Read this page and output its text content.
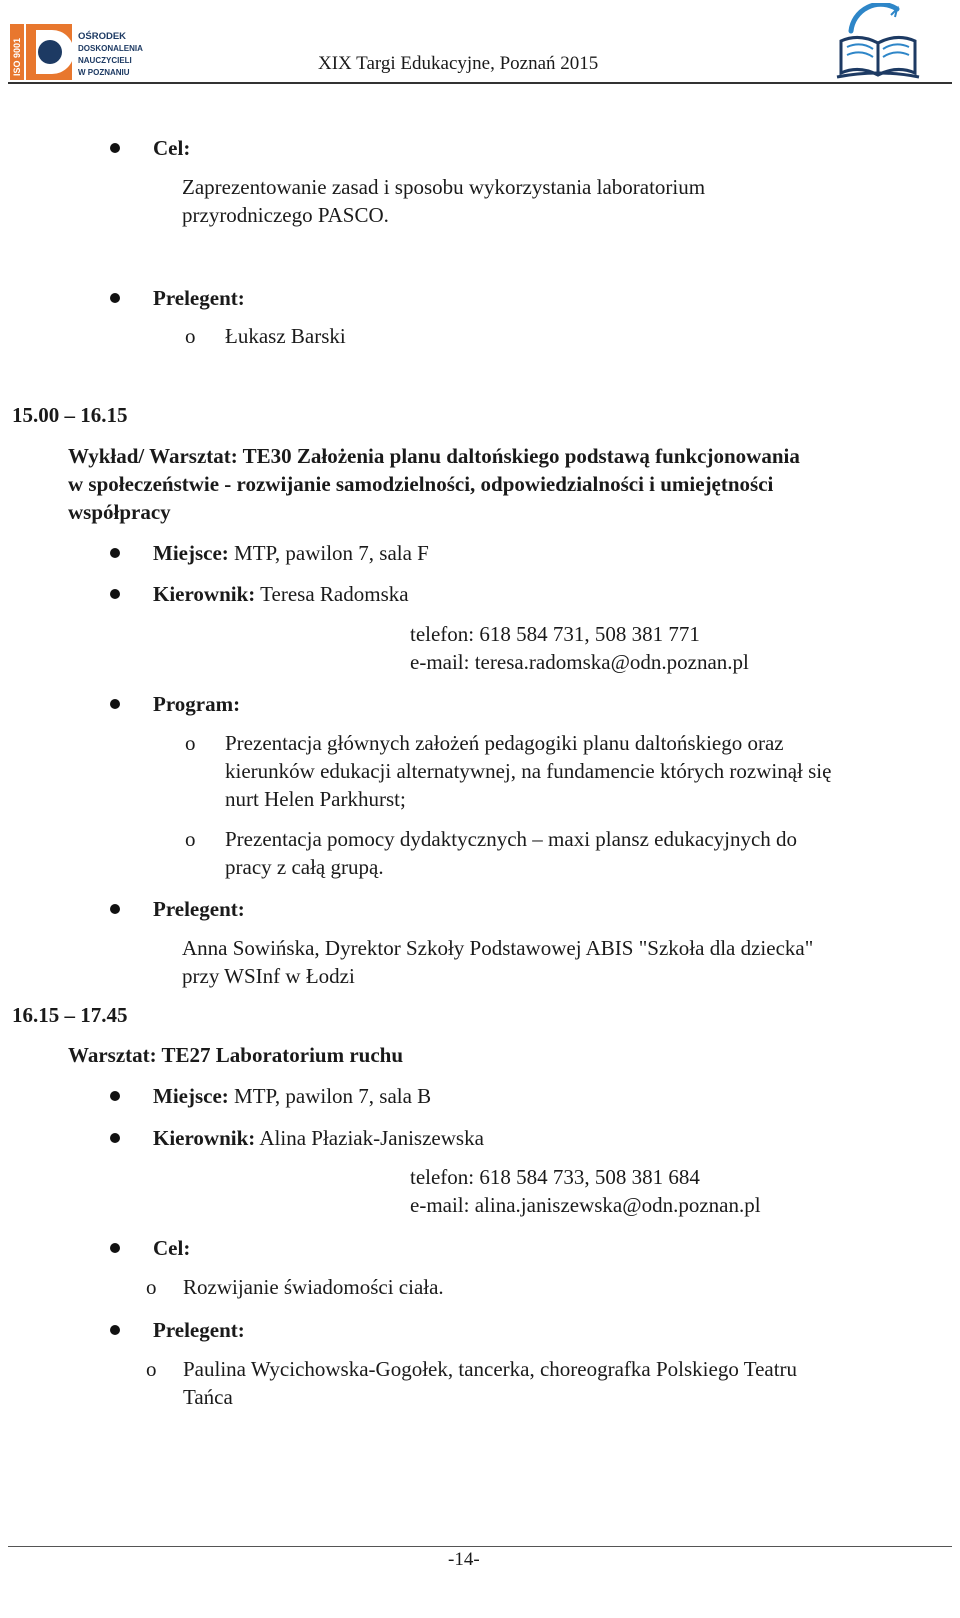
ISO 9001
OŚRODEK
DOSKONALENIA
NAUCZYCIELI
W POZNANIU	XIX Targi Edukacyjne, Poznań 2015
Cel:
Zaprezentowanie zasad i sposobu wykorzystania laboratorium
przyrodniczego PASCO.
Prelegent:
o Łukasz Barski
15.00 – 16.15
Wykład/ Warsztat: TE30 Założenia planu daltońskiego podstawą funkcjonowania
w społeczeństwie - rozwijanie samodzielności, odpowiedzialności i umiejętności
współpracy
Miejsce: MTP, pawilon 7, sala F
Kierownik: Teresa Radomska
telefon: 618 584 731, 508 381 771
e-mail: teresa.radomska@odn.poznan.pl
Program:
o Prezentacja głównych założeń pedagogiki planu daltońskiego oraz
kierunków edukacji alternatywnej, na fundamencie których rozwinął się
nurt Helen Parkhurst;
o Prezentacja pomocy dydaktycznych – maxi plansz edukacyjnych do
pracy z całą grupą.
Prelegent:
Anna Sowińska, Dyrektor Szkoły Podstawowej ABIS "Szkoła dla dziecka"
przy WSInf w Łodzi
16.15 – 17.45
Warsztat: TE27 Laboratorium ruchu
Miejsce: MTP, pawilon 7, sala B
Kierownik: Alina Płaziak-Janiszewska
telefon: 618 584 733, 508 381 684
e-mail: alina.janiszewska@odn.poznan.pl
Cel:
o Rozwijanie świadomości ciała.
Prelegent:
o Paulina Wycichowska-Gogołek, tancerka, choreografka Polskiego Teatru
Tańca
-14-
